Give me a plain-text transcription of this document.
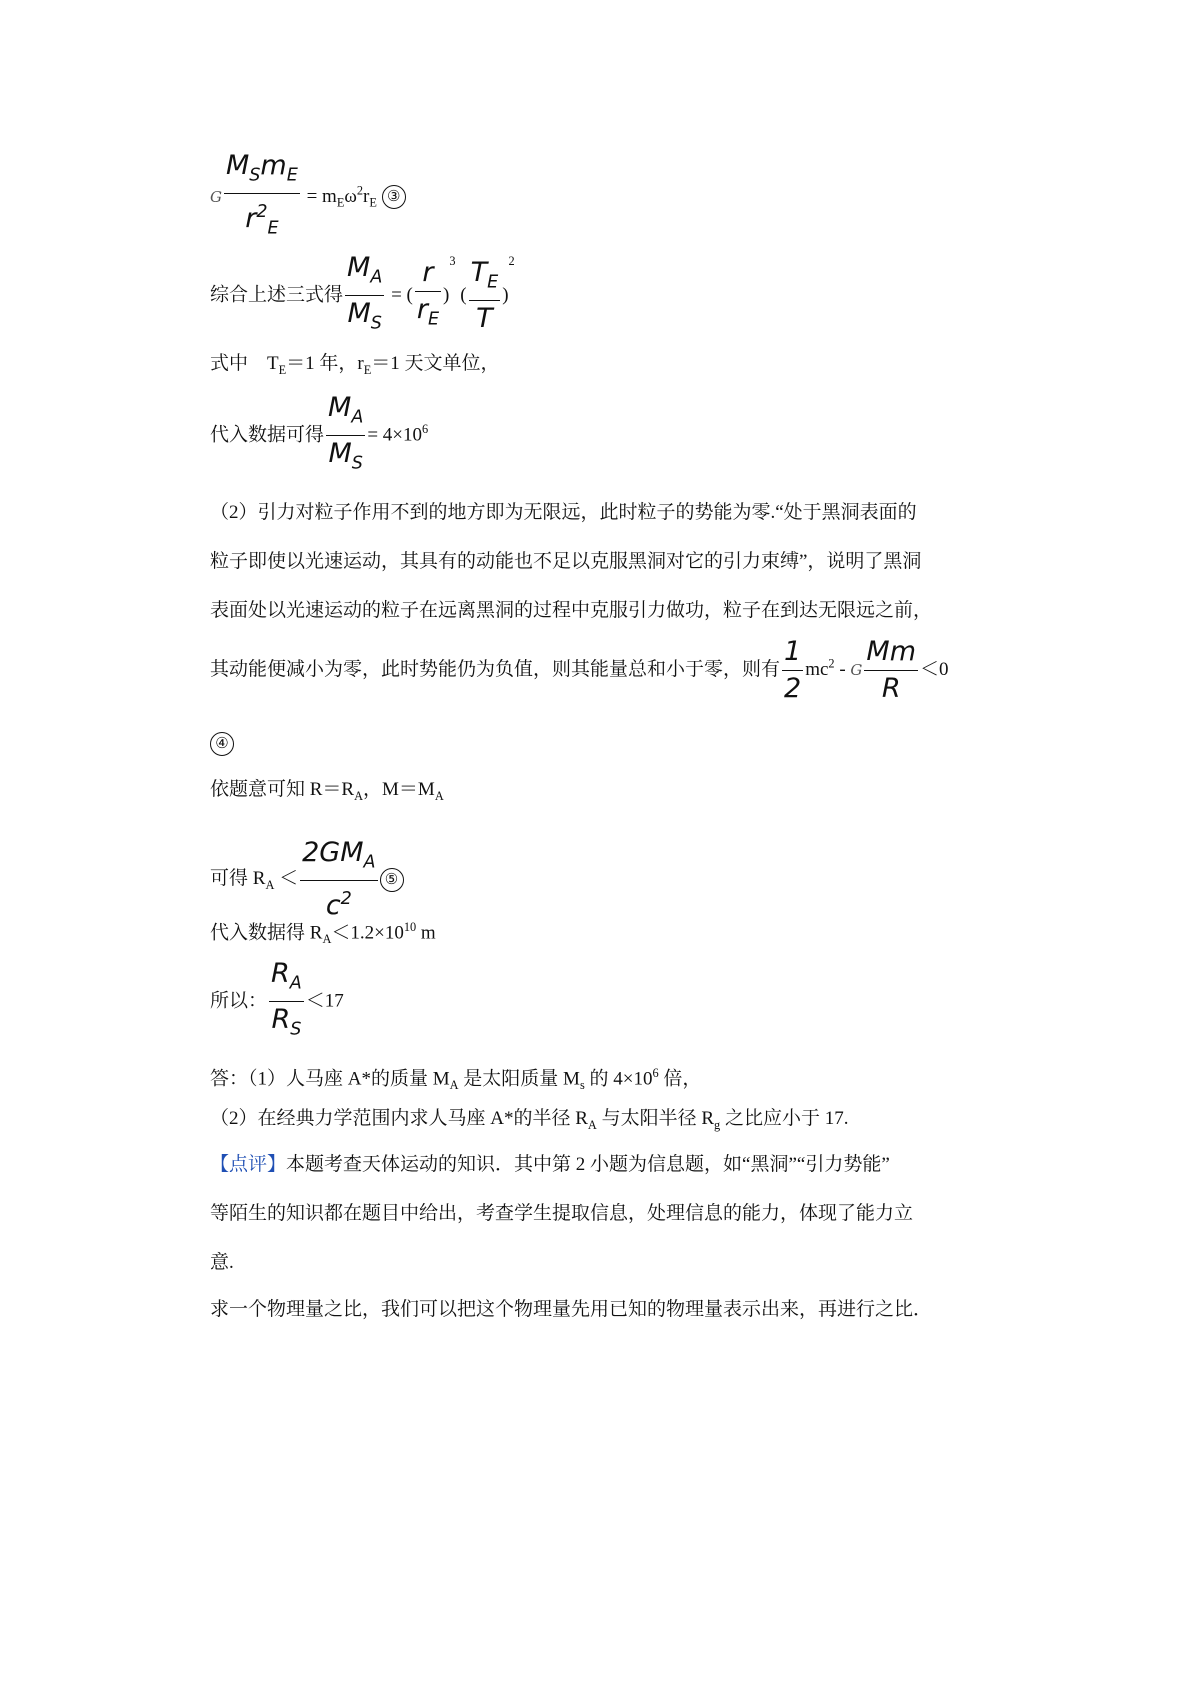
G $\frac{M_Sm_E}{r^2_E} = m_E\omega^2r_E$ ③
综合上述三式得 $\frac{M_A}{M_S}$ = ( $\frac{r}{r_E} )^3$ ( $\frac{T_E}{T} )^2$
式中　$T_E=1$ 年，$r_E=1$ 天文单位，
代入数据可得 $\frac{M_A}{M_S} = 4\times 10^6$
（2）引力对粒子作用不到的地方即为无限远，此时粒子的势能为零.“处于黑洞表面的
粒子即使以光速运动，其具有的动能也不足以克服黑洞对它的引力束缚”，说明了黑洞
表面处以光速运动的粒子在远离黑洞的过程中克服引力做功，粒子在到达无限远之前，
其动能便减小为零，此时势能仍为负值，则其能量总和小于零，则有 $\frac{1}{2} mc^2 - G \frac{Mm}{R} <0$
④
依题意可知 $R=R_A$，$M=M_A$
可得 $R_A < \frac{2GM_A}{c^2}$ ⑤
代入数据得 $R_A<1.2\times 10^{10}$ m
所以： $\frac{R_A}{R_S} <17$
答：（1）人马座 A*的质量 $M_A$ 是太阳质量 $M_s$ 的 $4\times 10^6$ 倍，
（2）在经典力学范围内求人马座 A*的半径 $R_A$ 与太阳半径 $R_g$ 之比应小于 17.
【点评】本题考查天体运动的知识．其中第 2 小题为信息题，如“黑洞”“引力势能”
等陌生的知识都在题目中给出，考查学生提取信息，处理信息的能力，体现了能力立
意.
求一个物理量之比，我们可以把这个物理量先用已知的物理量表示出来，再进行之比．
